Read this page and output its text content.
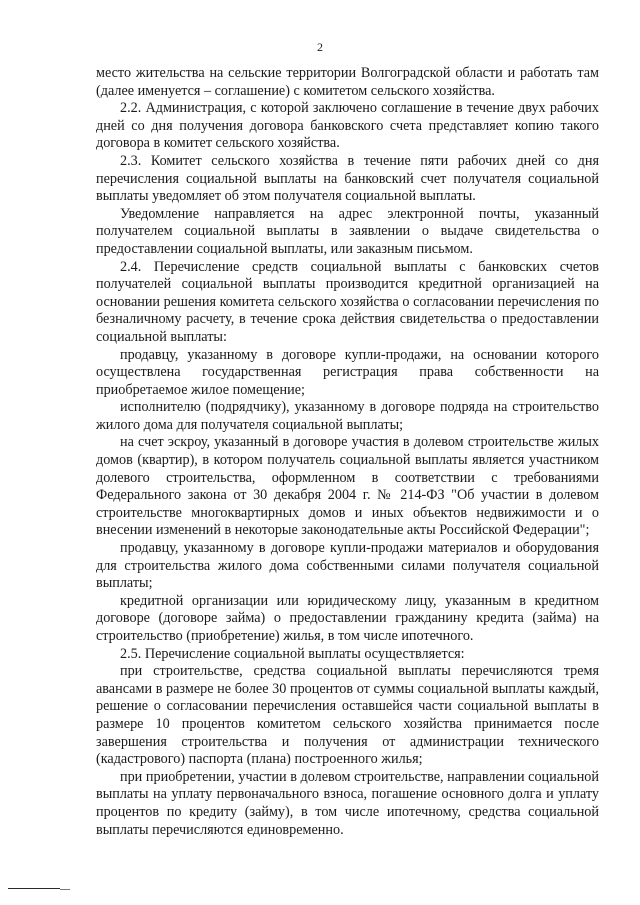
2

место жительства на сельские территории Волгоградской области и работать там (далее именуется – соглашение) с комитетом сельского хозяйства.

2.2. Администрация, с которой заключено соглашение в течение двух рабочих дней со дня получения договора банковского счета представляет копию такого договора в комитет сельского хозяйства.

2.3. Комитет сельского хозяйства в течение пяти рабочих дней со дня перечисления социальной выплаты на банковский счет получателя социальной выплаты уведомляет об этом получателя социальной выплаты.

Уведомление направляется на адрес электронной почты, указанный получателем социальной выплаты в заявлении о выдаче свидетельства о предоставлении социальной выплаты, или заказным письмом.

2.4. Перечисление средств социальной выплаты с банковских счетов получателей социальной выплаты производится кредитной организацией на основании решения комитета сельского хозяйства о согласовании перечисления по безналичному расчету, в течение срока действия свидетельства о предоставлении социальной выплаты:

продавцу, указанному в договоре купли-продажи, на основании которого осуществлена государственная регистрация права собственности на приобретаемое жилое помещение;

исполнителю (подрядчику), указанному в договоре подряда на строительство жилого дома для получателя социальной выплаты;

на счет эскроу, указанный в договоре участия в долевом строительстве жилых домов (квартир), в котором получатель социальной выплаты является участником долевого строительства, оформленном в соответствии с требованиями Федерального закона от 30 декабря 2004 г. № 214-ФЗ "Об участии в долевом строительстве многоквартирных домов и иных объектов недвижимости и о внесении изменений в некоторые законодательные акты Российской Федерации";

продавцу, указанному в договоре купли-продажи материалов и оборудования для строительства жилого дома собственными силами получателя социальной выплаты;

кредитной организации или юридическому лицу, указанным в кредитном договоре (договоре займа) о предоставлении гражданину кредита (займа) на строительство (приобретение) жилья, в том числе ипотечного.

2.5. Перечисление социальной выплаты осуществляется:

при строительстве, средства социальной выплаты перечисляются тремя авансами в размере не более 30 процентов от суммы социальной выплаты каждый, решение о согласовании перечисления оставшейся части социальной выплаты в размере 10 процентов комитетом сельского хозяйства принимается после завершения строительства и получения от администрации технического (кадастрового) паспорта (плана) построенного жилья;

при приобретении, участии в долевом строительстве, направлении социальной выплаты на уплату первоначального взноса, погашение основного долга и уплату процентов по кредиту (займу), в том числе ипотечному, средства социальной выплаты перечисляются единовременно.
